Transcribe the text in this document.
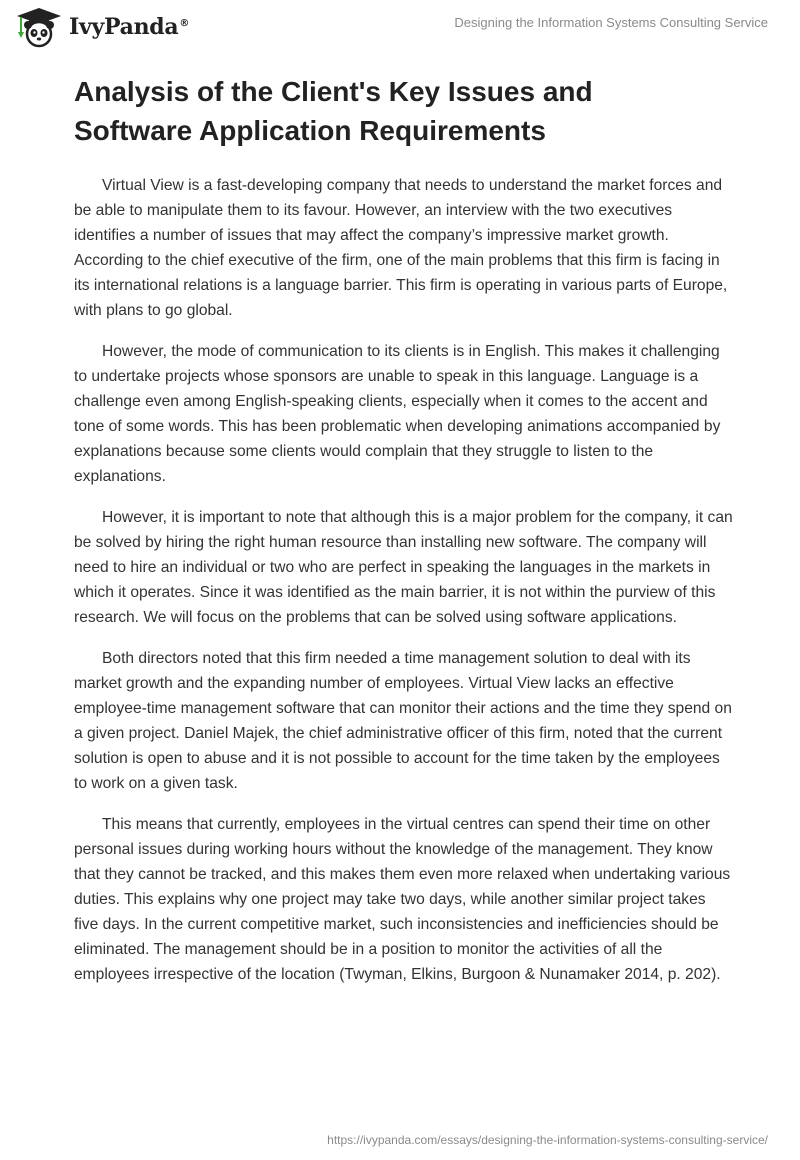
IvyPanda®	Designing the Information Systems Consulting Service
Analysis of the Client's Key Issues and Software Application Requirements

Virtual View is a fast-developing company that needs to understand the market forces and be able to manipulate them to its favour. However, an interview with the two executives identifies a number of issues that may affect the company’s impressive market growth. According to the chief executive of the firm, one of the main problems that this firm is facing in its international relations is a language barrier. This firm is operating in various parts of Europe, with plans to go global.

However, the mode of communication to its clients is in English. This makes it challenging to undertake projects whose sponsors are unable to speak in this language. Language is a challenge even among English-speaking clients, especially when it comes to the accent and tone of some words. This has been problematic when developing animations accompanied by explanations because some clients would complain that they struggle to listen to the explanations.

However, it is important to note that although this is a major problem for the company, it can be solved by hiring the right human resource than installing new software. The company will need to hire an individual or two who are perfect in speaking the languages in the markets in which it operates. Since it was identified as the main barrier, it is not within the purview of this research. We will focus on the problems that can be solved using software applications.

Both directors noted that this firm needed a time management solution to deal with its market growth and the expanding number of employees. Virtual View lacks an effective employee-time management software that can monitor their actions and the time they spend on a given project. Daniel Majek, the chief administrative officer of this firm, noted that the current solution is open to abuse and it is not possible to account for the time taken by the employees to work on a given task.

This means that currently, employees in the virtual centres can spend their time on other personal issues during working hours without the knowledge of the management. They know that they cannot be tracked, and this makes them even more relaxed when undertaking various duties. This explains why one project may take two days, while another similar project takes five days. In the current competitive market, such inconsistencies and inefficiencies should be eliminated. The management should be in a position to monitor the activities of all the employees irrespective of the location (Twyman, Elkins, Burgoon & Nunamaker 2014, p. 202).

https://ivypanda.com/essays/designing-the-information-systems-consulting-service/
